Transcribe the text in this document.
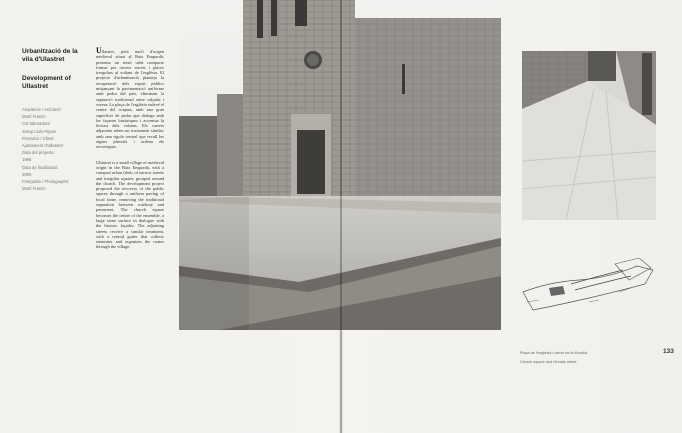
Urbanització de la vila d'Ulastret
Development of Ullastret
Arquitecte / Architect:
Martí Franch
Col·laboradors:
Josep Lluís Pijoan
Promotor / Client:
Ajuntament d'Ullastret
Data del projecte:
1996
Data de finalització:
2000
Fotografia / Photographs:
Martí Franch

Ullastret, petit nucli d'origen medieval situat al Baix Empordà, presenta un teixit urbà compacte format per carrers estrets i places irregulars al voltant de l'església. El projecte d'urbanització planteja la recuperació dels espais públics mitjançant la pavimentació uniforme amb pedra del país, eliminant la separació tradicional entre calçada i vorera. La plaça de l'església esdevé el centre del conjunt, amb una gran superfície de pedra que dialoga amb les façanes històriques i accentua la lectura dels volums. Els carrers adjacents reben un tractament similar, amb una rigola central que recull les aigües pluvials i ordena els recorreguts.

Ullastret is a small village of medieval origin in the Baix Empordà, with a compact urban fabric of narrow streets and irregular squares grouped around the church. The development project proposed the recovery of the public spaces through a uniform paving of local stone, removing the traditional separation between roadway and pavement. The church square becomes the centre of the ensemble, a large stone surface in dialogue with the historic façades. The adjoining streets receive a similar treatment, with a central gutter that collects rainwater and organizes the routes through the village.

Plaça de l'església i carrer de la Muralla.

Church square and Muralla street.

133
